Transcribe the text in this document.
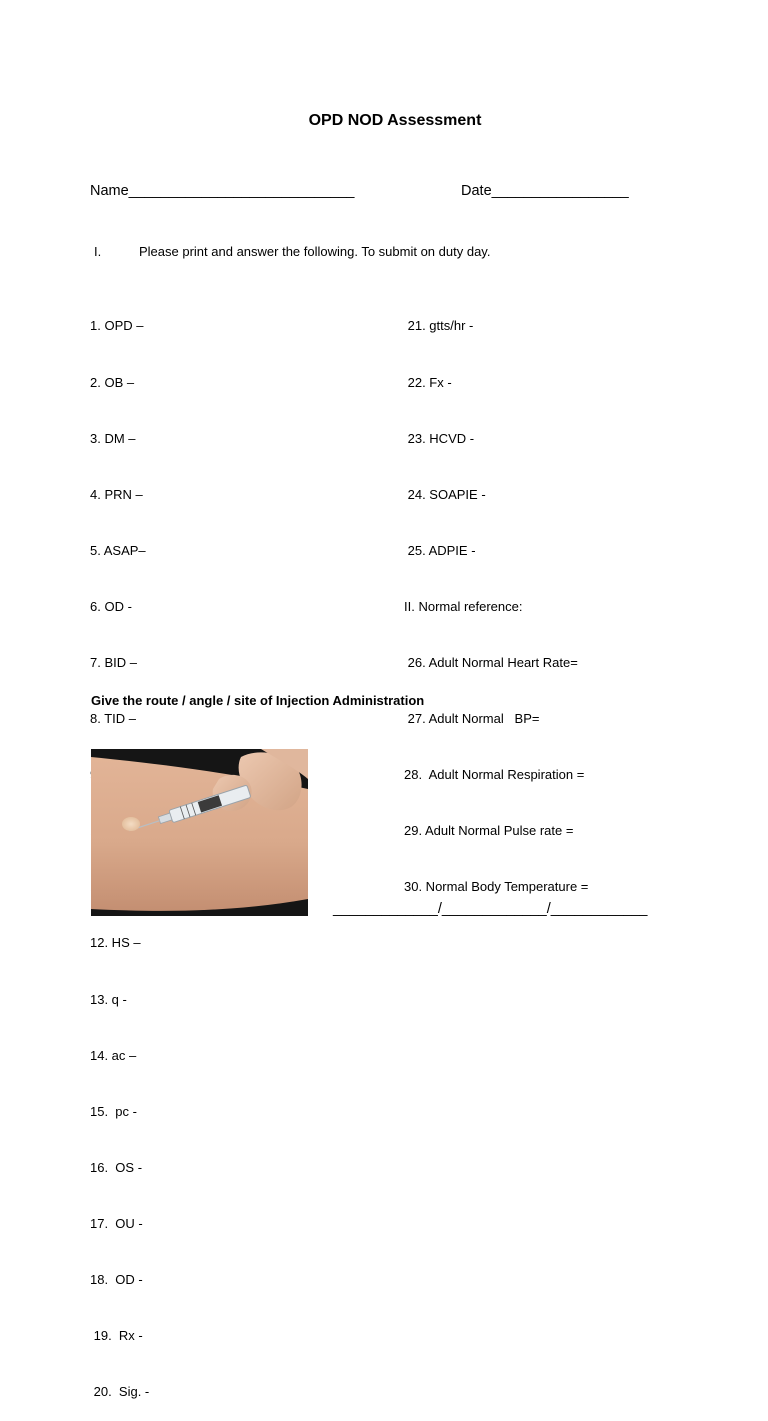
OPD NOD Assessment
Name____________________________	Date_________________
I.	Please print and answer the following. To submit on duty day.

1. OPD –

2. OB –

3. DM –

4. PRN –

5. ASAP–

6. OD -

7. BID –

8. TID –

12. HS –

13. q -

14. ac –

15.  pc -

16.  OS -

17.  OU -

18.  OD -

19.  Rx -

20.  Sig. -

21. gtts/hr -

22. Fx -

23. HCVD -

24. SOAPIE -

25. ADPIE -

II. Normal reference:

26. Adult Normal Heart Rate=

27. Adult Normal   BP=

28.  Adult Normal Respiration =

29. Adult Normal Pulse rate =

30. Normal Body Temperature =

Give the route / angle / site of Injection Administration
_____________/_____________/____________
